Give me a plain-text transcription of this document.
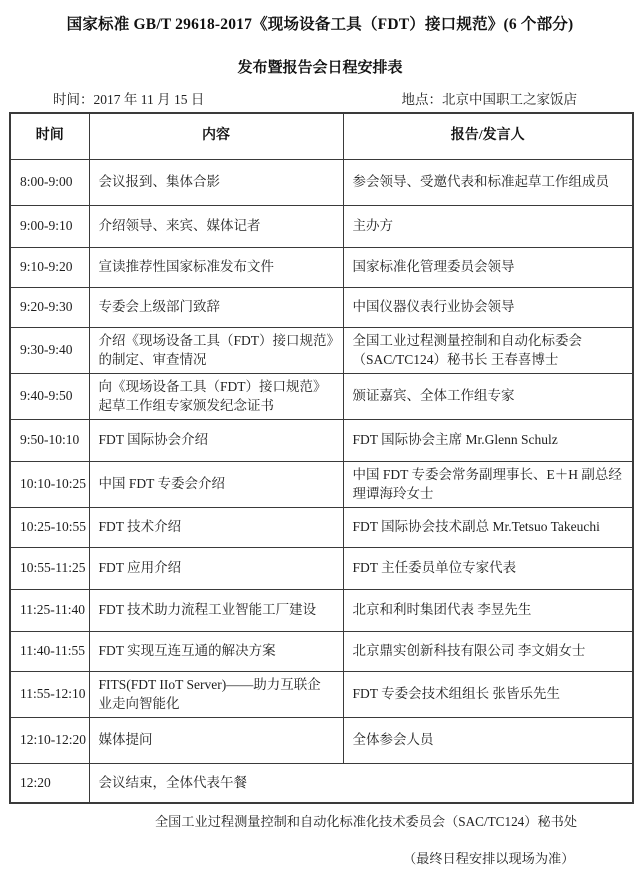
国家标准 GB/T 29618-2017《现场设备工具（FDT）接口规范》(6 个部分)
发布暨报告会日程安排表
时间：2017 年 11 月 15 日	地点：北京中国职工之家饭店
时间	内容	报告/发言人
8:00-9:00	会议报到、集体合影	参会领导、受邀代表和标准起草工作组成员
9:00-9:10	介绍领导、来宾、媒体记者	主办方
9:10-9:20	宣读推荐性国家标准发布文件	国家标准化管理委员会领导
9:20-9:30	专委会上级部门致辞	中国仪器仪表行业协会领导
9:30-9:40	介绍《现场设备工具（FDT）接口规范》的制定、审查情况	全国工业过程测量控制和自动化标委会（SAC/TC124）秘书长 王春喜博士
9:40-9:50	向《现场设备工具（FDT）接口规范》起草工作组专家颁发纪念证书	颁证嘉宾、全体工作组专家
9:50-10:10	FDT 国际协会介绍	FDT 国际协会主席 Mr.Glenn Schulz
10:10-10:25	中国 FDT 专委会介绍	中国 FDT 专委会常务副理事长、E＋H 副总经理谭海玲女士
10:25-10:55	FDT 技术介绍	FDT 国际协会技术副总 Mr.Tetsuo Takeuchi
10:55-11:25	FDT 应用介绍	FDT 主任委员单位专家代表
11:25-11:40	FDT 技术助力流程工业智能工厂建设	北京和利时集团代表 李昱先生
11:40-11:55	FDT 实现互连互通的解决方案	北京鼎实创新科技有限公司 李文娟女士
11:55-12:10	FITS(FDT IIoT Server)——助力互联企业走向智能化	FDT 专委会技术组组长 张皆乐先生
12:10-12:20	媒体提问	全体参会人员
12:20	会议结束，全体代表午餐	
全国工业过程测量控制和自动化标准化技术委员会（SAC/TC124）秘书处
（最终日程安排以现场为准）
